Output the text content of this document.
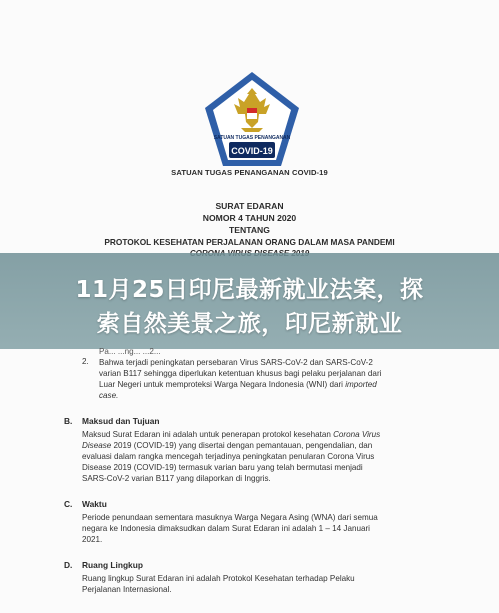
SATUAN TUGAS PENANGANAN
COVID-19
SATUAN TUGAS PENANGANAN COVID-19
SURAT EDARAN
NOMOR 4 TAHUN 2020
TENTANG
PROTOKOL KESEHATAN PERJALANAN ORANG DALAM MASA PANDEMI
11月25日印尼最新就业法案，探
索自然美景之旅，印尼新就业
Pa... ...ng... ...2...
2. Bahwa terjadi peningkatan persebaran Virus SARS-CoV-2 dan SARS-CoV-2
varian B117 sehingga diperlukan ketentuan khusus bagi pelaku perjalanan dari
Luar Negeri untuk memproteksi Warga Negara Indonesia (WNI) dari imported
case.
B. Maksud dan Tujuan
Maksud Surat Edaran ini adalah untuk penerapan protokol kesehatan Corona Virus
Disease 2019 (COVID-19) yang disertai dengan pemantauan, pengendalian, dan
evaluasi dalam rangka mencegah terjadinya peningkatan penularan Corona Virus
Disease 2019 (COVID-19) termasuk varian baru yang telah bermutasi menjadi
SARS-CoV-2 varian B117 yang dilaporkan di Inggris.
C. Waktu
Periode penundaan sementara masuknya Warga Negara Asing (WNA) dari semua
negara ke Indonesia dimaksudkan dalam Surat Edaran ini adalah 1 – 14 Januari
2021.
D. Ruang Lingkup
Ruang lingkup Surat Edaran ini adalah Protokol Kesehatan terhadap Pelaku
Perjalanan Internasional.
